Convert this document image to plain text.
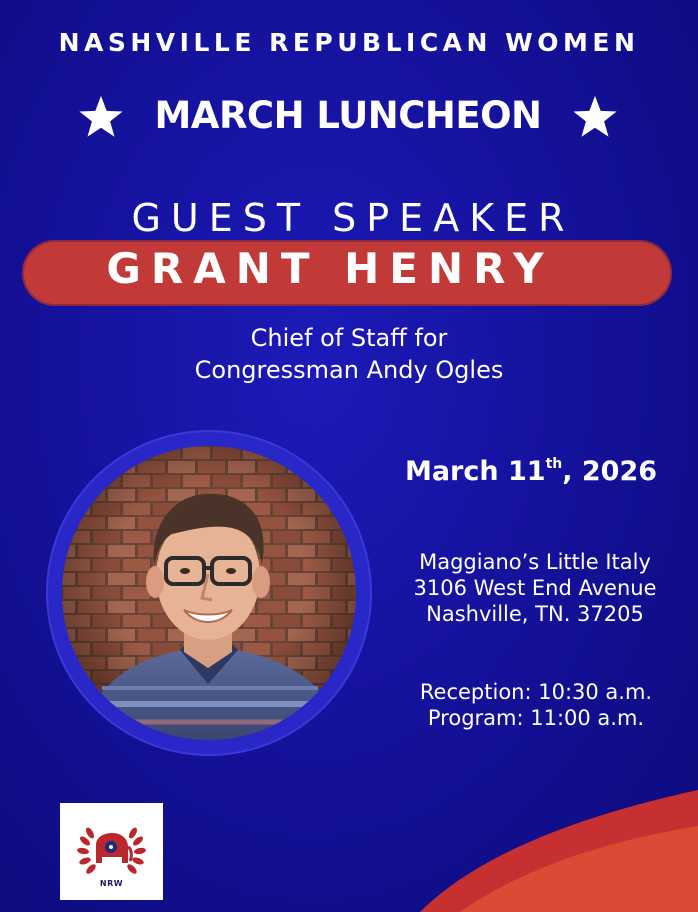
NASHVILLE REPUBLICAN WOMEN
MARCH LUNCHEON
GUEST SPEAKER
GRANT HENRY
Chief of Staff for
Congressman Andy Ogles
March 11th, 2026
Maggiano’s Little Italy
3106 West End Avenue
Nashville, TN. 37205
Reception: 10:30 a.m.
Program: 11:00 a.m.
NRW
